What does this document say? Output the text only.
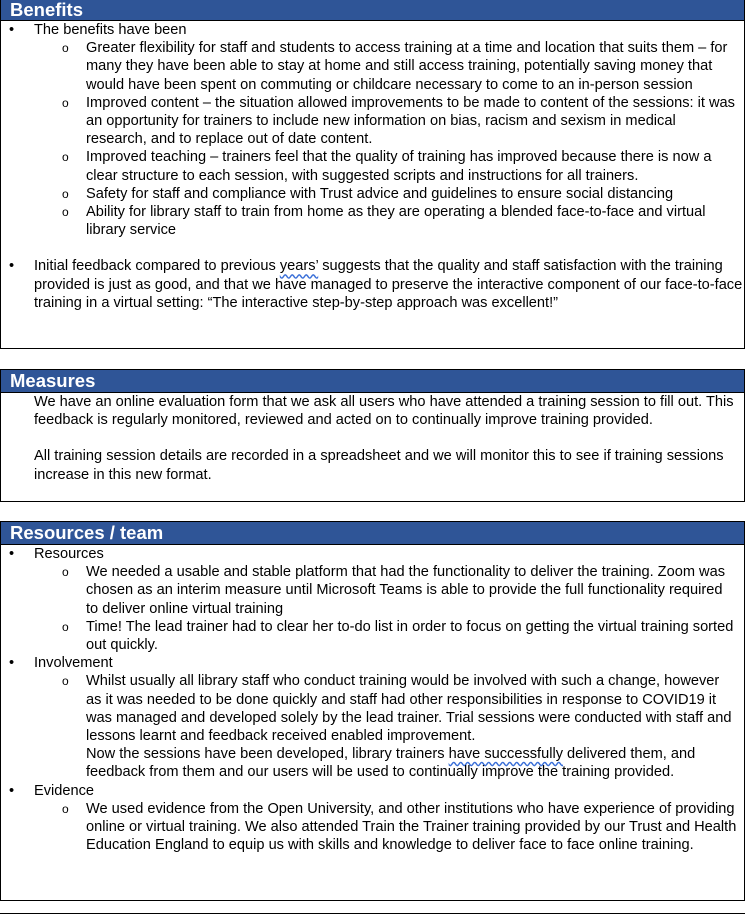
Benefits
•	The benefits have been
o Greater flexibility for staff and students to access training at a time and location that suits them – for many they have been able to stay at home and still access training, potentially saving money that would have been spent on commuting or childcare necessary to come to an in-person session
o Improved content – the situation allowed improvements to be made to content of the sessions: it was an opportunity for trainers to include new information on bias, racism and sexism in medical research, and to replace out of date content.
o Improved teaching – trainers feel that the quality of training has improved because there is now a clear structure to each session, with suggested scripts and instructions for all trainers.
o Safety for staff and compliance with Trust advice and guidelines to ensure social distancing
o Ability for library staff to train from home as they are operating a blended face-to-face and virtual library service
•	Initial feedback compared to previous years’ suggests that the quality and staff satisfaction with the training provided is just as good, and that we have managed to preserve the interactive component of our face-to-face training in a virtual setting: “The interactive step-by-step approach was excellent!”
Measures
We have an online evaluation form that we ask all users who have attended a training session to fill out. This feedback is regularly monitored, reviewed and acted on to continually improve training provided.
All training session details are recorded in a spreadsheet and we will monitor this to see if training sessions increase in this new format.
Resources / team
•	Resources
o We needed a usable and stable platform that had the functionality to deliver the training. Zoom was chosen as an interim measure until Microsoft Teams is able to provide the full functionality required to deliver online virtual training
o Time! The lead trainer had to clear her to-do list in order to focus on getting the virtual training sorted out quickly.
•	Involvement
o Whilst usually all library staff who conduct training would be involved with such a change, however as it was needed to be done quickly and staff had other responsibilities in response to COVID19 it was managed and developed solely by the lead trainer. Trial sessions were conducted with staff and lessons learnt and feedback received enabled improvement.
Now the sessions have been developed, library trainers have successfully delivered them, and feedback from them and our users will be used to continually improve the training provided.
•	Evidence
o We used evidence from the Open University, and other institutions who have experience of providing online or virtual training. We also attended Train the Trainer training provided by our Trust and Health Education England to equip us with skills and knowledge to deliver face to face online training.
